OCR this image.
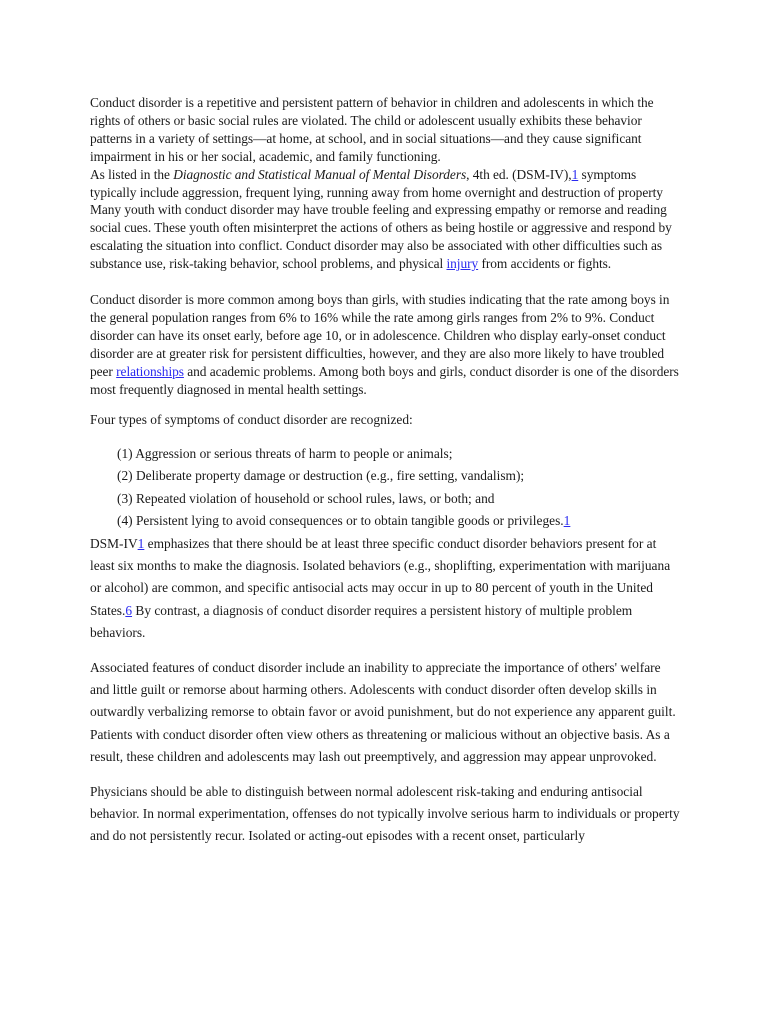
Conduct disorder is a repetitive and persistent pattern of behavior in children and adolescents in which the rights of others or basic social rules are violated. The child or adolescent usually exhibits these behavior patterns in a variety of settings—at home, at school, and in social situations—and they cause significant impairment in his or her social, academic, and family functioning.

As listed in the Diagnostic and Statistical Manual of Mental Disorders, 4th ed. (DSM-IV),1 symptoms typically include aggression, frequent lying, running away from home overnight and destruction of property Many youth with conduct disorder may have trouble feeling and expressing empathy or remorse and reading social cues. These youth often misinterpret the actions of others as being hostile or aggressive and respond by escalating the situation into conflict. Conduct disorder may also be associated with other difficulties such as substance use, risk-taking behavior, school problems, and physical injury from accidents or fights.

Conduct disorder is more common among boys than girls, with studies indicating that the rate among boys in the general population ranges from 6% to 16% while the rate among girls ranges from 2% to 9%. Conduct disorder can have its onset early, before age 10, or in adolescence. Children who display early-onset conduct disorder are at greater risk for persistent difficulties, however, and they are also more likely to have troubled peer relationships and academic problems. Among both boys and girls, conduct disorder is one of the disorders most frequently diagnosed in mental health settings.

Four types of symptoms of conduct disorder are recognized:

(1) Aggression or serious threats of harm to people or animals;
(2) Deliberate property damage or destruction (e.g., fire setting, vandalism);
(3) Repeated violation of household or school rules, laws, or both; and
(4) Persistent lying to avoid consequences or to obtain tangible goods or privileges.1

DSM-IV1 emphasizes that there should be at least three specific conduct disorder behaviors present for at least six months to make the diagnosis. Isolated behaviors (e.g., shoplifting, experimentation with marijuana or alcohol) are common, and specific antisocial acts may occur in up to 80 percent of youth in the United States.6 By contrast, a diagnosis of conduct disorder requires a persistent history of multiple problem behaviors.

Associated features of conduct disorder include an inability to appreciate the importance of others' welfare and little guilt or remorse about harming others. Adolescents with conduct disorder often develop skills in outwardly verbalizing remorse to obtain favor or avoid punishment, but do not experience any apparent guilt. Patients with conduct disorder often view others as threatening or malicious without an objective basis. As a result, these children and adolescents may lash out preemptively, and aggression may appear unprovoked.

Physicians should be able to distinguish between normal adolescent risk-taking and enduring antisocial behavior. In normal experimentation, offenses do not typically involve serious harm to individuals or property and do not persistently recur. Isolated or acting-out episodes with a recent onset, particularly
